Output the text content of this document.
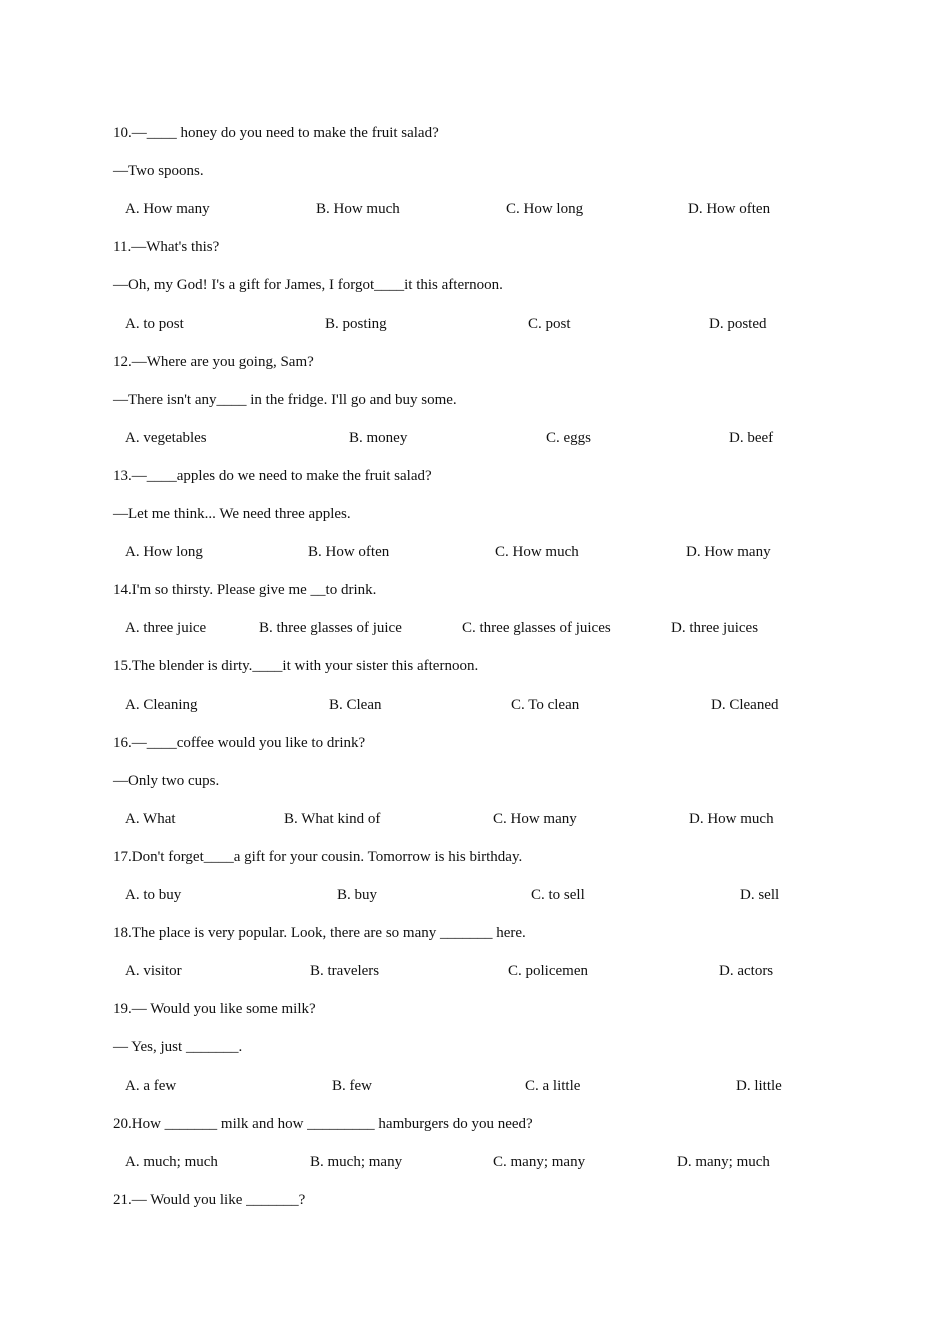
10.—____ honey do you need to make the fruit salad?
—Two spoons.
A. How many	B. How much	C. How long	D. How often
11.—What's this?
—Oh, my God! I's a gift for James, I forgot____it this afternoon.
A. to post	B. posting	C. post	D. posted
12.—Where are you going, Sam?
—There isn't any____ in the fridge. I'll go and buy some.
A. vegetables	B. money	C. eggs	D. beef
13.—____apples do we need to make the fruit salad?
—Let me think... We need three apples.
A. How long	B. How often	C. How much	D. How many
14.I'm so thirsty. Please give me __to drink.
A. three juice	B. three glasses of juice	C. three glasses of juices	D. three juices
15.The blender is dirty.____it with your sister this afternoon.
A. Cleaning	B. Clean	C. To clean	D. Cleaned
16.—____coffee would you like to drink?
—Only two cups.
A. What	B. What kind of	C. How many	D. How much
17.Don't forget____a gift for your cousin. Tomorrow is his birthday.
A. to buy	B. buy	C. to sell	D. sell
18.The place is very popular. Look, there are so many _______ here.
A. visitor	B. travelers	C. policemen	D. actors
19.— Would you like some milk?
— Yes, just _______.
A. a few	B. few	C. a little	D. little
20.How _______ milk and how _________ hamburgers do you need?
A. much; much	B. much; many	C. many; many	D. many; much
21.— Would you like _______?
